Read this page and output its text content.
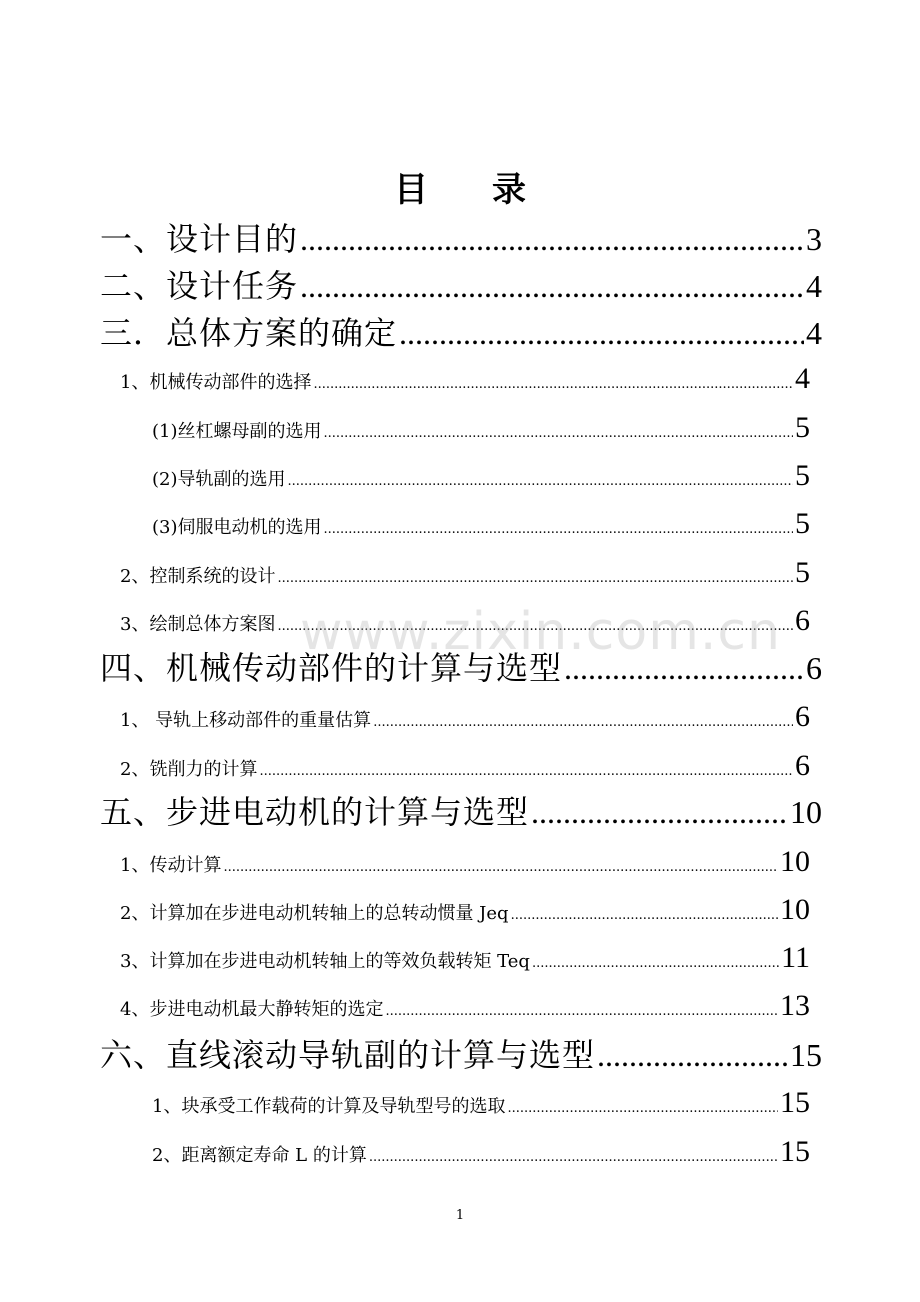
目 录
一、设计目的 .....	3
二、设计任务 .....	4
三．总体方案的确定 .....	4
1、机械传动部件的选择 .....	4
(1)丝杠螺母副的选用 .....	5
(2)导轨副的选用 .....	5
(3)伺服电动机的选用 .....	5
2、控制系统的设计 .....	5
3、绘制总体方案图 .....	6
四、机械传动部件的计算与选型 .....	6
1、 导轨上移动部件的重量估算 .....	6
2、铣削力的计算 .....	6
五、步进电动机的计算与选型 .....	10
1、传动计算 .....	10
2、计算加在步进电动机转轴上的总转动惯量 Jeq .....	10
3、计算加在步进电动机转轴上的等效负载转矩 Teq .....	11
4、步进电动机最大静转矩的选定 .....	13
六、直线滚动导轨副的计算与选型 .....	15
1、块承受工作载荷的计算及导轨型号的选取 .....	15
2、距离额定寿命 L 的计算 .....	15
www.zixin.com.cn
1
